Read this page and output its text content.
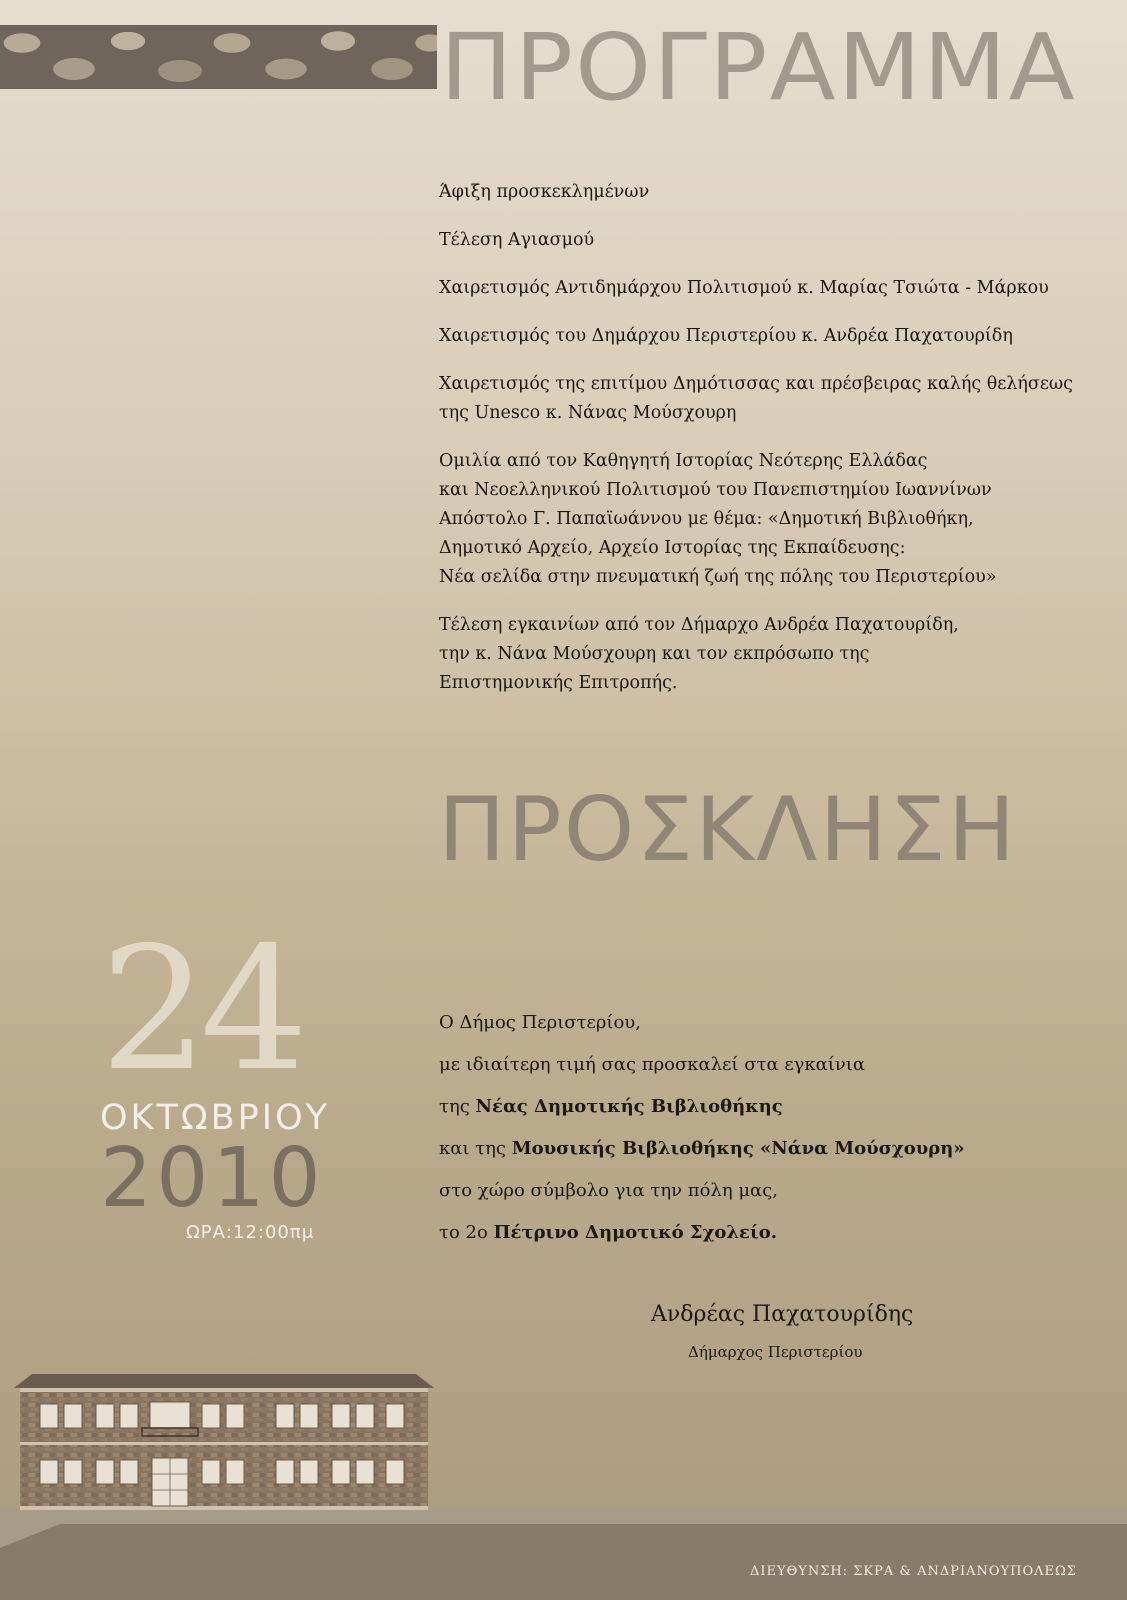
ΠΡΟΓΡΑΜΜΑ

Άφιξη προσκεκλημένων

Τέλεση Αγιασμού

Χαιρετισμός Αντιδημάρχου Πολιτισμού κ. Μαρίας Τσιώτα - Μάρκου

Χαιρετισμός του Δημάρχου Περιστερίου κ. Ανδρέα Παχατουρίδη

Χαιρετισμός της επιτίμου Δημότισσας και πρέσβειρας καλής θελήσεως
της Unesco κ. Νάνας Μούσχουρη

Ομιλία από τον Καθηγητή Ιστορίας Νεότερης Ελλάδας
και Νεοελληνικού Πολιτισμού του Πανεπιστημίου Ιωαννίνων
Απόστολο Γ. Παπαϊωάννου με θέμα: «Δημοτική Βιβλιοθήκη,
Δημοτικό Αρχείο, Αρχείο Ιστορίας της Εκπαίδευσης:
Νέα σελίδα στην πνευματική ζωή της πόλης του Περιστερίου»

Τέλεση εγκαινίων από τον Δήμαρχο Ανδρέα Παχατουρίδη,
την κ. Νάνα Μούσχουρη και τον εκπρόσωπο της
Επιστημονικής Επιτροπής.

ΠΡΟΣΚΛΗΣΗ
24
ΟΚΤΩΒΡΙΟΥ
2010
ΩΡΑ:12:00πμ

Ο Δήμος Περιστερίου,

με ιδιαίτερη τιμή σας προσκαλεί στα εγκαίνια

της Νέας Δημοτικής Βιβλιοθήκης

και της Μουσικής Βιβλιοθήκης «Νάνα Μούσχουρη»

στο χώρο σύμβολο για την πόλη μας,

το 2ο Πέτρινο Δημοτικό Σχολείο.

Ανδρέας Παχατουρίδης
Δήμαρχος Περιστερίου
ΔΙΕΥΘΥΝΣΗ: ΣΚΡΑ & ΑΝΔΡΙΑΝΟΥΠΟΛΕΩΣ
